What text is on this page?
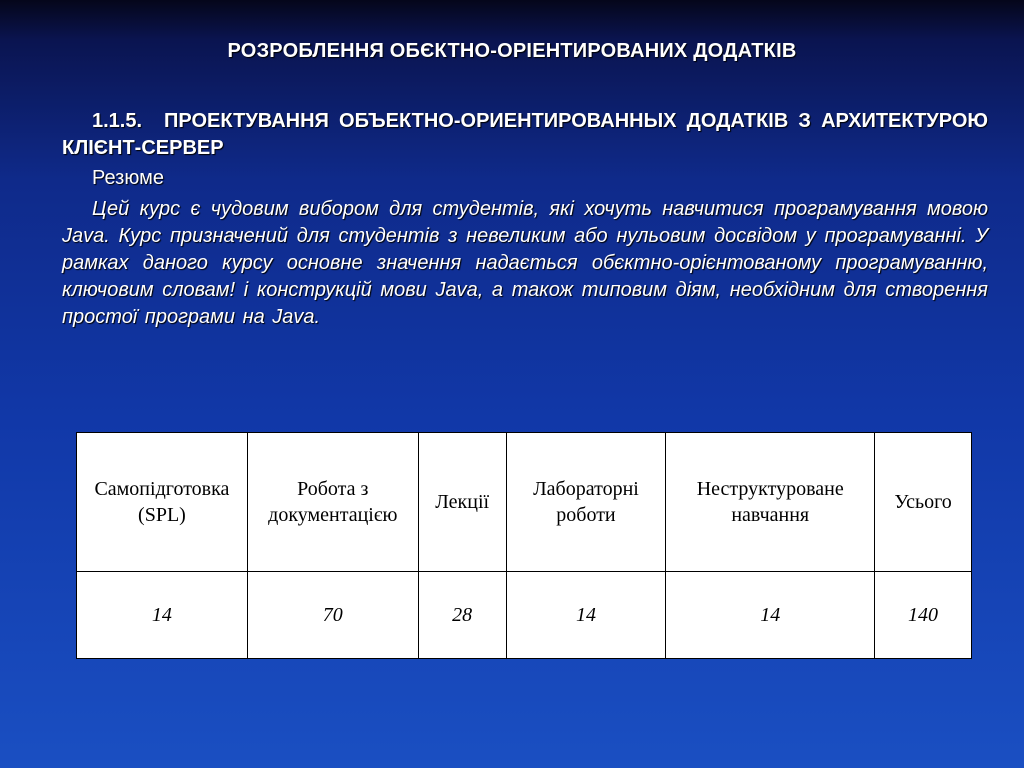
РОЗРОБЛЕННЯ ОБЄКТНО-ОРІЕНТИРОВАНИХ ДОДАТКІВ
1.1.5. ПРОЕКТУВАННЯ ОБЪЕКТНО-ОРИЕНТИРОВАННЫХ ДОДАТКІВ З АРХИТЕКТУРОЮ КЛІЄНТ-СЕРВЕР
Резюме
Цей курс є чудовим вибором для студентів, які хочуть навчитися програмування мовою Java. Курс призначений для студентів з невеликим або нульовим досвідом у програмуванні. У рамках даного курсу основне значення надається обєктно-орієнтованому програмуванню, ключовим словам! і конструкцій мови Java, а також типовим діям, необхідним для створення простої програми на Java.
Самопідготовка (SPL)	Робота з документацією	Лекції	Лабораторні роботи	Неструктуроване навчання	Усього
14	70	28	14	14	140
